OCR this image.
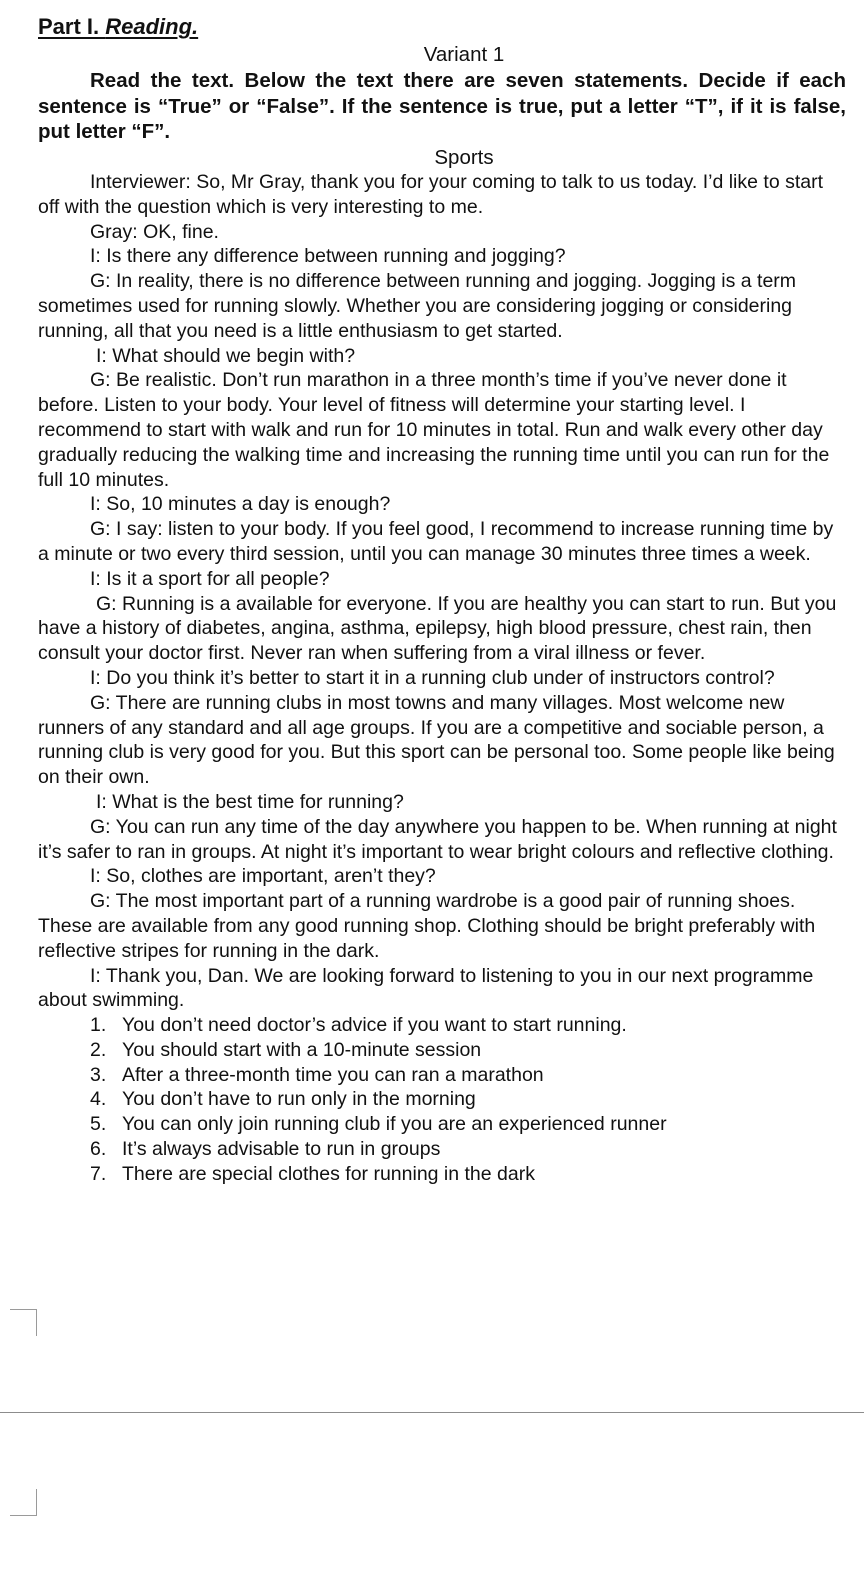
Part I. Reading.

Variant 1

Read the text. Below the text there are seven statements. Decide if each sentence is “True” or “False”. If the sentence is true, put a letter “T”, if it is false, put letter “F”.

Sports

Interviewer: So, Mr Gray, thank you for your coming to talk to us today. I’d like to start off with the question which is very interesting to me.

Gray: OK, fine.

I: Is there any difference between running and jogging?

G: In reality, there is no difference between running and jogging. Jogging is a term sometimes used for running slowly. Whether you are considering jogging or considering running, all that you need is a little enthusiasm to get started.

I: What should we begin with?

G: Be realistic. Don’t run marathon in a three month’s time if you’ve never done it before. Listen to your body. Your level of fitness will determine your starting level. I recommend to start with walk and run for 10 minutes in total. Run and walk every other day gradually reducing the walking time and increasing the running time until you can run for the full 10 minutes.

I: So, 10 minutes a day is enough?

G: I say: listen to your body. If you feel good, I recommend to increase running time by a minute or two every third session, until you can manage 30 minutes three times a week.

I: Is it a sport for all people?

G: Running is a available for everyone. If you are healthy you can start to run. But you have a history of diabetes, angina, asthma, epilepsy, high blood pressure, chest rain, then consult your doctor first. Never ran when suffering from a viral illness or fever.

I: Do you think it’s better to start it in a running club under of instructors control?

G: There are running clubs in most towns and many villages. Most welcome new runners of any standard and all age groups. If you are a competitive and sociable person, a running club is very good for you. But this sport can be personal too. Some people like being on their own.

I: What is the best time for running?

G: You can run any time of the day anywhere you happen to be. When running at night it’s safer to ran in groups. At night it’s important to wear bright colours and reflective clothing.

I: So, clothes are important, aren’t they?

G: The most important part of a running wardrobe is a good pair of running shoes. These are available from any good running shop. Clothing should be bright preferably with reflective stripes for running in the dark.

I: Thank you, Dan. We are looking forward to listening to you in our next programme about swimming.

1. You don’t need doctor’s advice if you want to start running.
2. You should start with a 10-minute session
3. After a three-month time you can ran a marathon
4. You don’t have to run only in the morning
5. You can only join running club if you are an experienced runner
6. It’s always advisable to run in groups
7. There are special clothes for running in the dark
